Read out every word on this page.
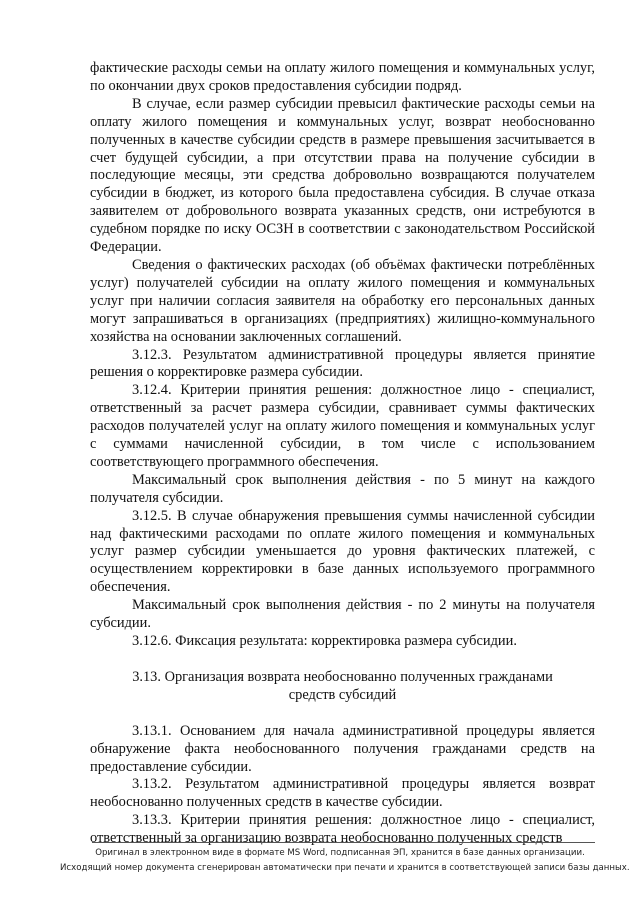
фактические расходы семьи на оплату жилого помещения и коммунальных услуг, по окончании двух сроков предоставления субсидии подряд.

В случае, если размер субсидии превысил фактические расходы семьи на оплату жилого помещения и коммунальных услуг, возврат необоснованно полученных в качестве субсидии средств в размере превышения засчитывается в счет будущей субсидии, а при отсутствии права на получение субсидии в последующие месяцы, эти средства добровольно возвращаются получателем субсидии в бюджет, из которого была предоставлена субсидия. В случае отказа заявителем от добровольного возврата указанных средств, они истребуются в судебном порядке по иску ОСЗН в соответствии с законодательством Российской Федерации.

Сведения о фактических расходах (об объёмах фактически потреблённых услуг) получателей субсидии на оплату жилого помещения и коммунальных услуг при наличии согласия заявителя на обработку его персональных данных могут запрашиваться в организациях (предприятиях) жилищно-коммунального хозяйства на основании заключенных соглашений.

3.12.3. Результатом административной процедуры является принятие решения о корректировке размера субсидии.

3.12.4. Критерии принятия решения: должностное лицо - специалист, ответственный за расчет размера субсидии, сравнивает суммы фактических расходов получателей услуг на оплату жилого помещения и коммунальных услуг с суммами начисленной субсидии, в том числе с использованием соответствующего программного обеспечения.

Максимальный срок выполнения действия - по 5 минут на каждого получателя субсидии.

3.12.5. В случае обнаружения превышения суммы начисленной субсидии над фактическими расходами по оплате жилого помещения и коммунальных услуг размер субсидии уменьшается до уровня фактических платежей, с осуществлением корректировки в базе данных используемого программного обеспечения.

Максимальный срок выполнения действия - по 2 минуты на получателя субсидии.

3.12.6. Фиксация результата: корректировка размера субсидии.

3.13. Организация возврата необоснованно полученных гражданами средств субсидий

3.13.1. Основанием для начала административной процедуры является обнаружение факта необоснованного получения гражданами средств на предоставление субсидии.

3.13.2. Результатом административной процедуры является возврат необоснованно полученных средств в качестве субсидии.

3.13.3. Критерии принятия решения: должностное лицо - специалист, ответственный за организацию возврата необоснованно полученных средств

Оригинал в электронном виде в формате MS Word, подписанная ЭП, хранится в базе данных организации.
Исходящий номер документа сгенерирован автоматически при печати и хранится в соответствующей записи базы данных.
